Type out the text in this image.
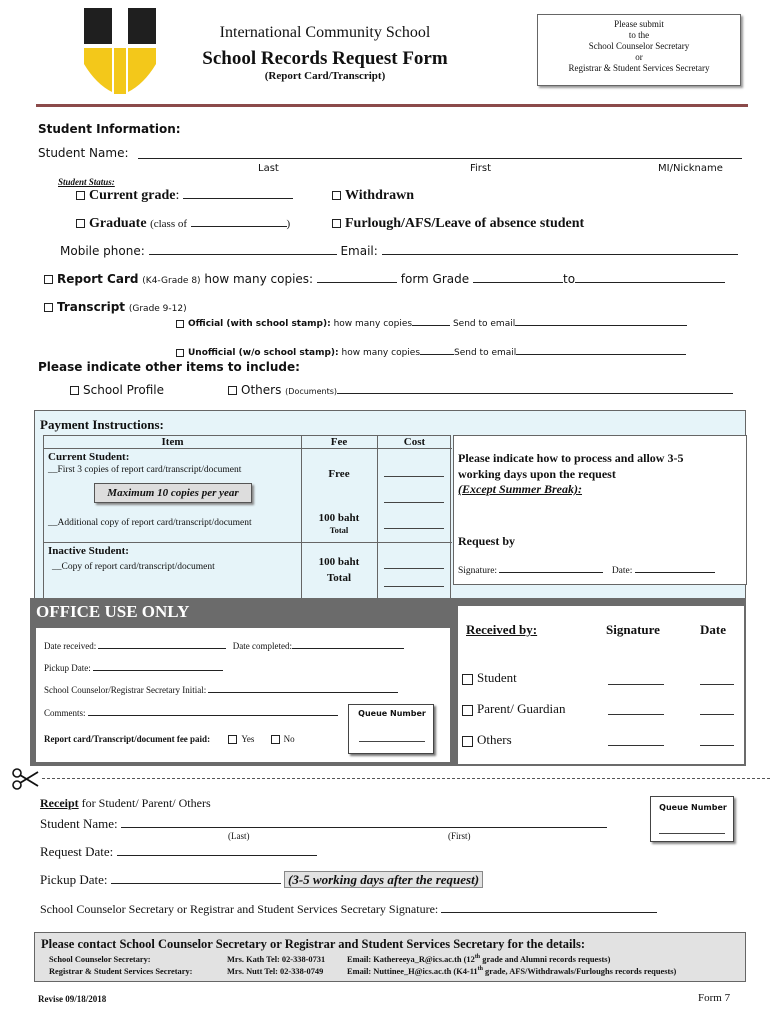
International Community School
School Records Request Form
(Report Card/Transcript)
Please submit
to the
School Counselor Secretary
or
Registrar & Student Services Secretary
Student Information:
Student Name:
Last	First	MI/Nickname
Student Status:
Current grade:	Withdrawn
Graduate (class of	)	Furlough/AFS/Leave of absence student
Mobile phone:	Email:
Report Card (K4-Grade 8) how many copies:	form Grade	to
Transcript (Grade 9-12)
Official (with school stamp): how many copies	Send to email
Unofficial (w/o school stamp): how many copies	Send to email
Please indicate other items to include:
School Profile	Others (Documents)
Payment Instructions:
Item	Fee	Cost
Current Student:
__First 3 copies of report card/transcript/document
Maximum 10 copies per year
Free
__Additional copy of report card/transcript/document	100 baht
Total
Inactive Student:
__Copy of report card/transcript/document	100 baht
Total
Please indicate how to process and allow 3-5 working days upon the request
(Except Summer Break):
Request by
Signature:	Date:
OFFICE USE ONLY
Date received:	Date completed:
Pickup Date:
School Counselor/Registrar Secretary Initial:
Comments:
Report card/Transcript/document fee paid:	Yes	No
Queue Number
Received by:	Signature	Date
Student
Parent/ Guardian
Others
Receipt for Student/ Parent/ Others
Student Name:
(Last)	(First)
Queue Number
Request Date:
Pickup Date:	(3-5 working days after the request)
School Counselor Secretary or Registrar and Student Services Secretary Signature:
Please contact School Counselor Secretary or Registrar and Student Services Secretary for the details:
School Counselor Secretary:	Mrs. Kath Tel: 02-338-0731	Email: Katherееya_R@ics.ac.th (12th grade and Alumni records requests)
Registrar & Student Services Secretary:	Mrs. Nutt Tel: 02-338-0749	Email: Nuttinee_H@ics.ac.th (K4-11th grade, AFS/Withdrawals/Furloughs records requests)
Revise 09/18/2018	Form 7
